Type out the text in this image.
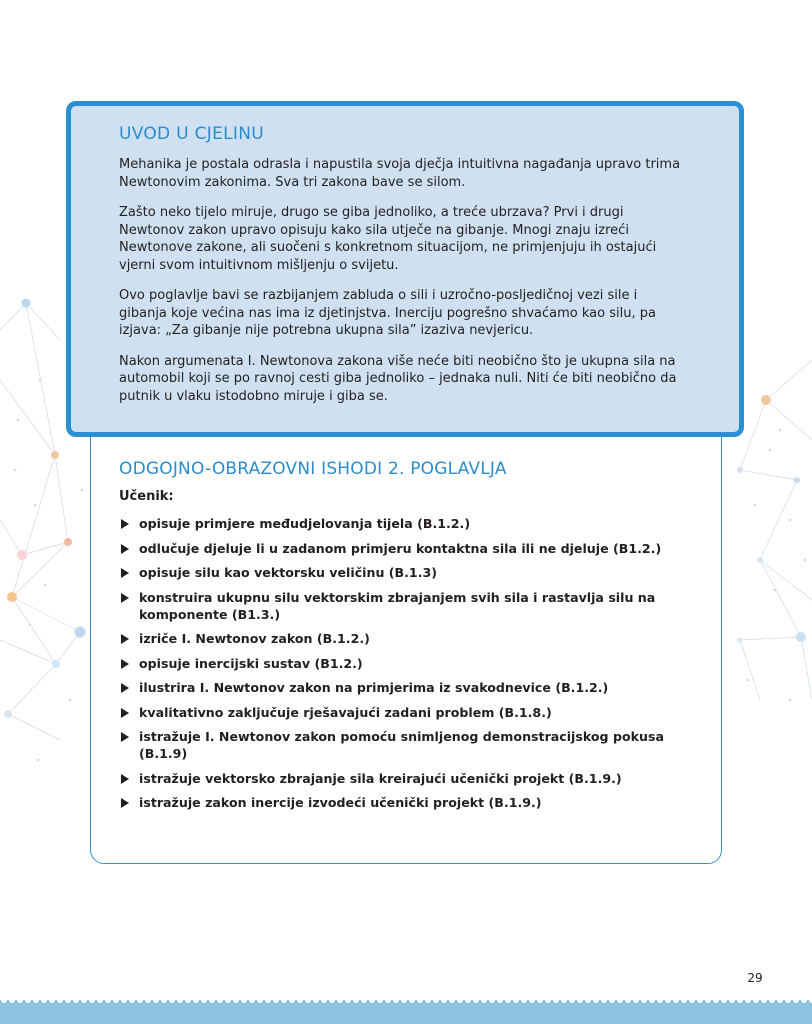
ODGOJNO-OBRAZOVNI ISHODI 2. POGLAVLJA
Učenik:
opisuje primjere međudjelovanja tijela (B.1.2.)
odlučuje djeluje li u zadanom primjeru kontaktna sila ili ne djeluje (B1.2.)
opisuje silu kao vektorsku veličinu (B.1.3)
konstruira ukupnu silu vektorskim zbrajanjem svih sila i rastavlja silu na komponente (B1.3.)
izriče I. Newtonov zakon (B.1.2.)
opisuje inercijski sustav (B1.2.)
ilustrira I. Newtonov zakon na primjerima iz svakodnevice (B.1.2.)
kvalitativno zaključuje rješavajući zadani problem (B.1.8.)
istražuje I. Newtonov zakon pomoću snimljenog demonstracijskog pokusa (B.1.9)
istražuje vektorsko zbrajanje sila kreirajući učenički projekt (B.1.9.)
istražuje zakon inercije izvodeći učenički projekt (B.1.9.)
UVOD U CJELINU

Mehanika je postala odrasla i napustila svoja dječja intuitivna nagađanja upravo trima Newtonovim zakonima. Sva tri zakona bave se silom.

Zašto neko tijelo miruje, drugo se giba jednoliko, a treće ubrzava? Prvi i drugi Newtonov zakon upravo opisuju kako sila utječe na gibanje. Mnogi znaju izreći Newtonove zakone, ali suočeni s konkretnom situacijom, ne primjenjuju ih ostajući vjerni svom intuitivnom mišljenju o svijetu.

Ovo poglavlje bavi se razbijanjem zabluda o sili i uzročno-posljedičnoj vezi sile i gibanja koje većina nas ima iz djetinjstva. Inerciju pogrešno shvaćamo kao silu, pa izjava: „Za gibanje nije potrebna ukupna sila” izaziva nevjericu.

Nakon argumenata I. Newtonova zakona više neće biti neobično što je ukupna sila na automobil koji se po ravnoj cesti giba jednoliko – jednaka nuli. Niti će biti neobično da putnik u vlaku istodobno miruje i giba se.

29
